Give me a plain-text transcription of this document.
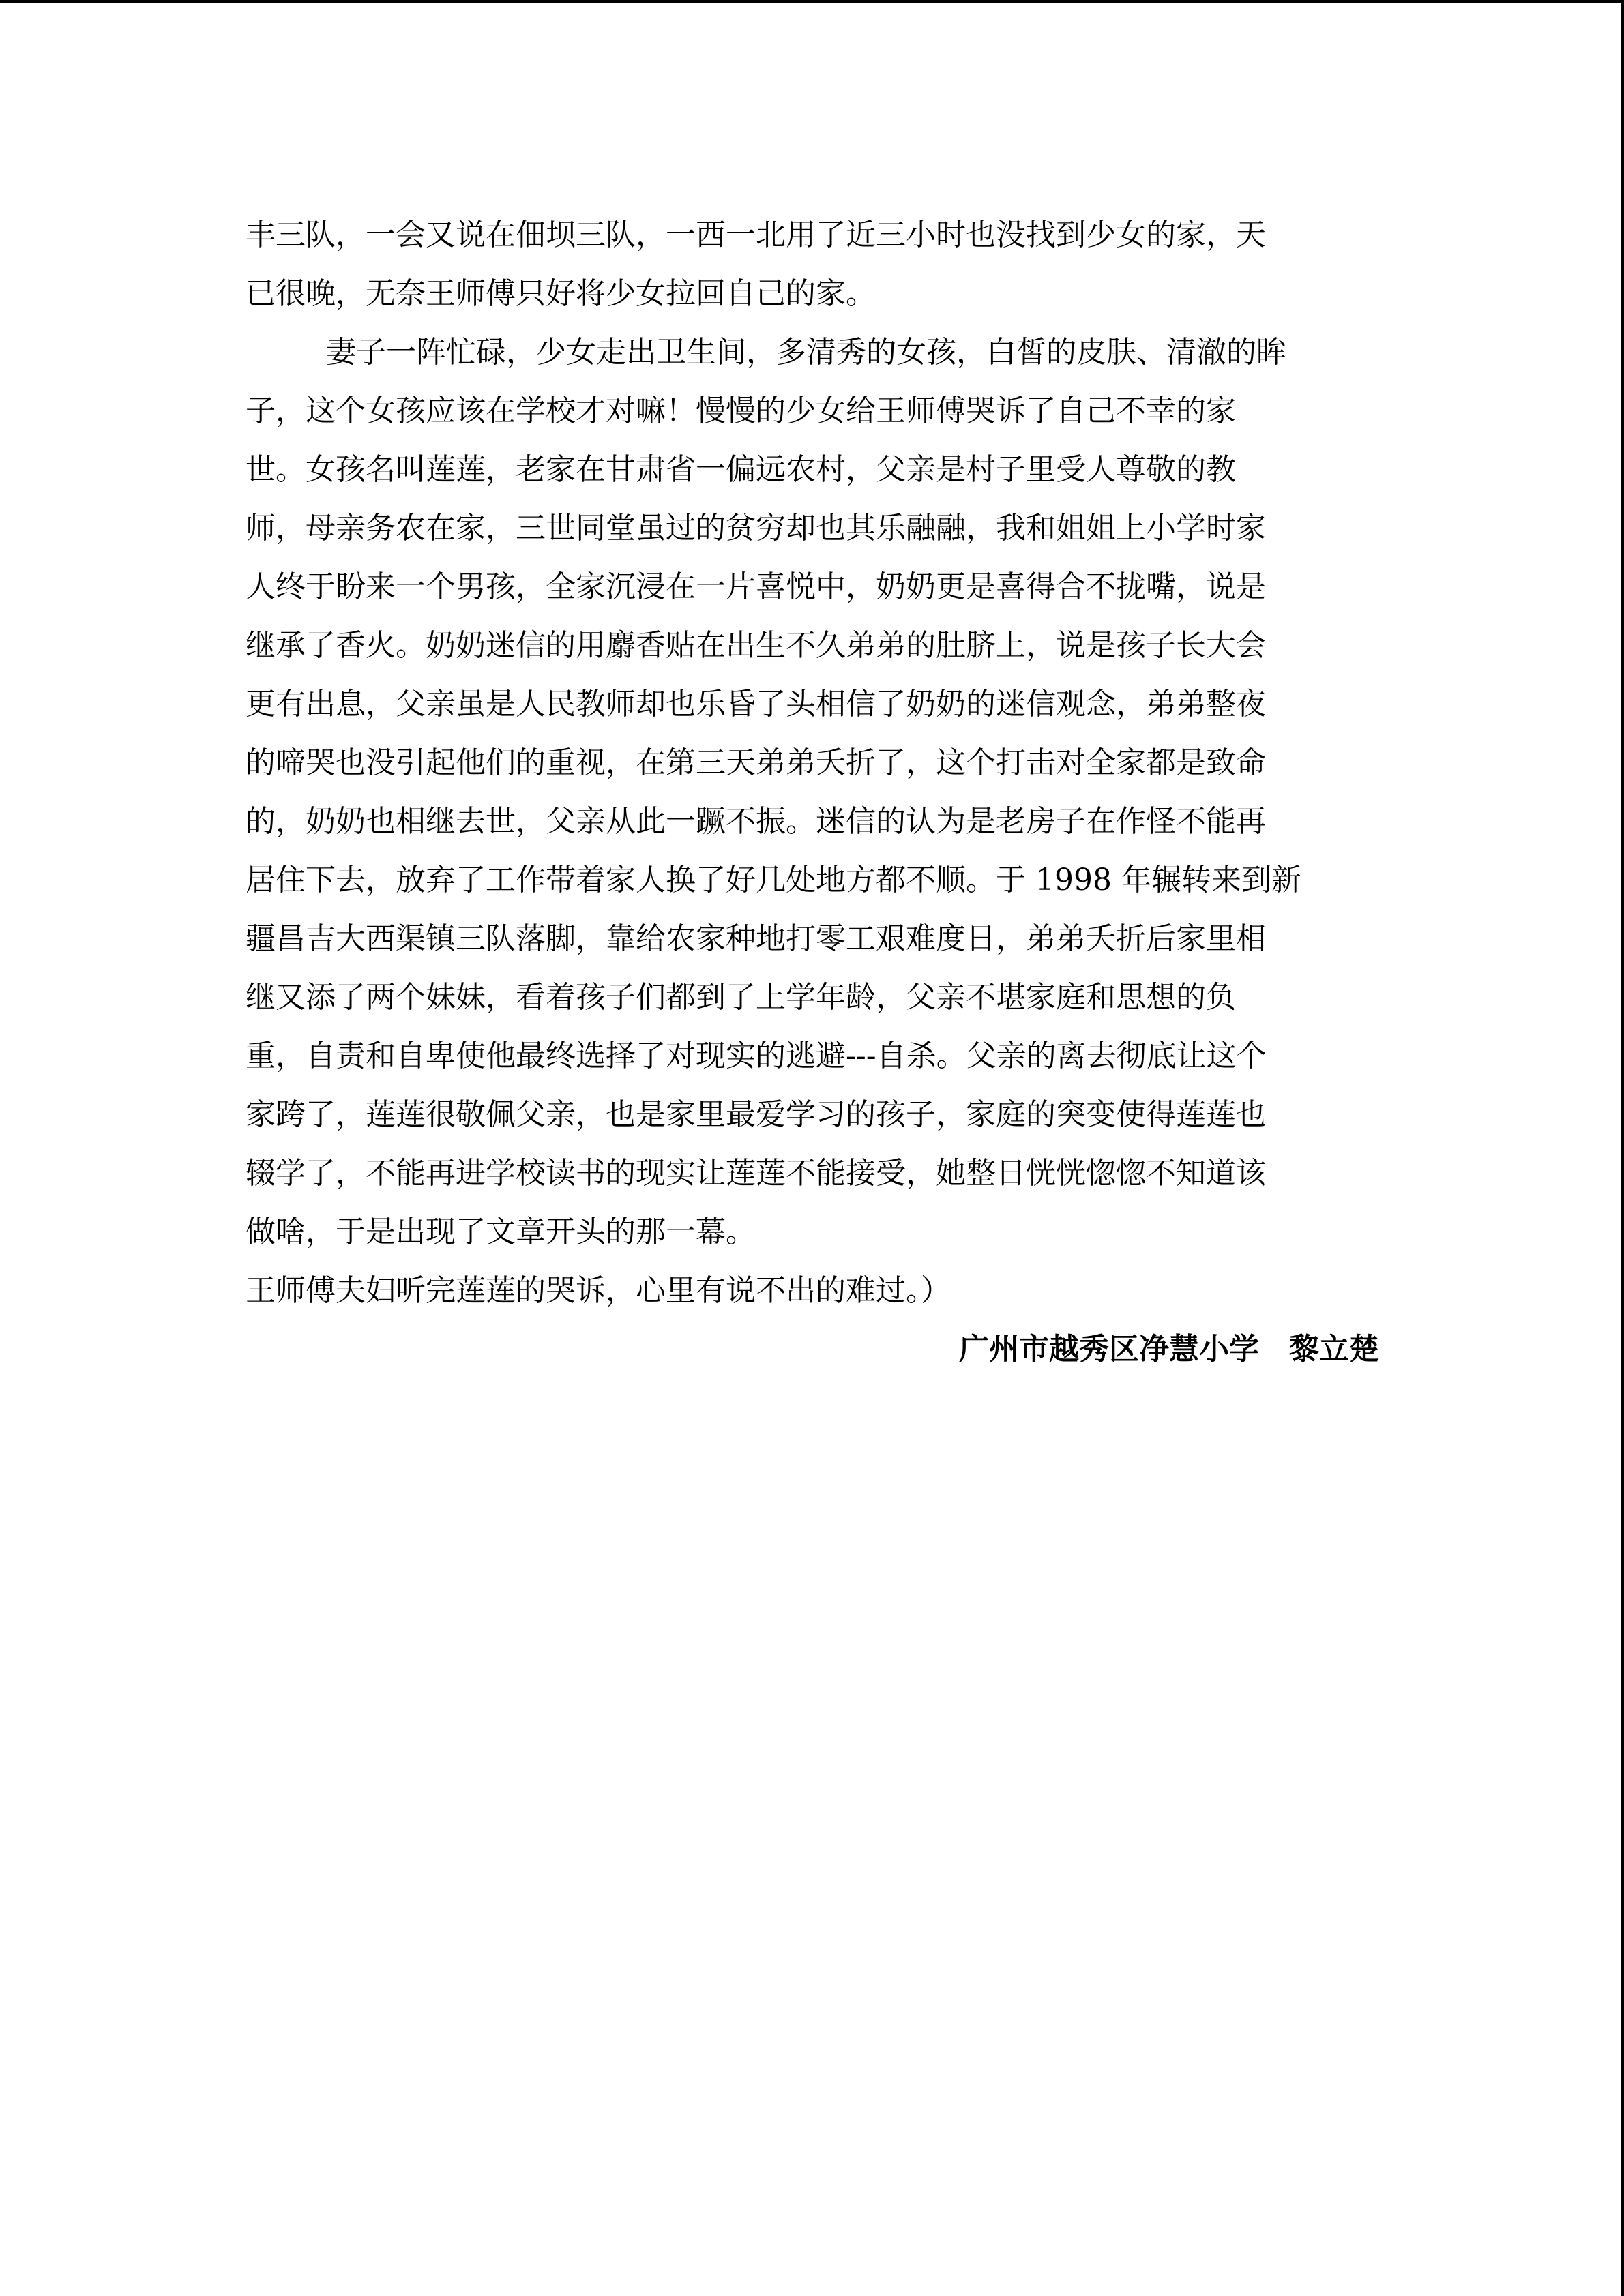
丰三队，一会又说在佃坝三队，一西一北用了近三小时也没找到少女的家，天
已很晚，无奈王师傅只好将少女拉回自己的家。
妻子一阵忙碌，少女走出卫生间，多清秀的女孩，白皙的皮肤、清澈的眸
子，这个女孩应该在学校才对嘛！慢慢的少女给王师傅哭诉了自己不幸的家
世。女孩名叫莲莲，老家在甘肃省一偏远农村，父亲是村子里受人尊敬的教
师，母亲务农在家，三世同堂虽过的贫穷却也其乐融融，我和姐姐上小学时家
人终于盼来一个男孩，全家沉浸在一片喜悦中，奶奶更是喜得合不拢嘴，说是
继承了香火。奶奶迷信的用麝香贴在出生不久弟弟的肚脐上，说是孩子长大会
更有出息，父亲虽是人民教师却也乐昏了头相信了奶奶的迷信观念，弟弟整夜
的啼哭也没引起他们的重视，在第三天弟弟夭折了，这个打击对全家都是致命
的，奶奶也相继去世，父亲从此一蹶不振。迷信的认为是老房子在作怪不能再
居住下去，放弃了工作带着家人换了好几处地方都不顺。于 1998 年辗转来到新
疆昌吉大西渠镇三队落脚，靠给农家种地打零工艰难度日，弟弟夭折后家里相
继又添了两个妹妹，看着孩子们都到了上学年龄，父亲不堪家庭和思想的负
重，自责和自卑使他最终选择了对现实的逃避---自杀。父亲的离去彻底让这个
家跨了，莲莲很敬佩父亲，也是家里最爱学习的孩子，家庭的突变使得莲莲也
辍学了，不能再进学校读书的现实让莲莲不能接受，她整日恍恍惚惚不知道该
做啥，于是出现了文章开头的那一幕。
王师傅夫妇听完莲莲的哭诉，心里有说不出的难过。）
广州市越秀区净慧小学　黎立楚
